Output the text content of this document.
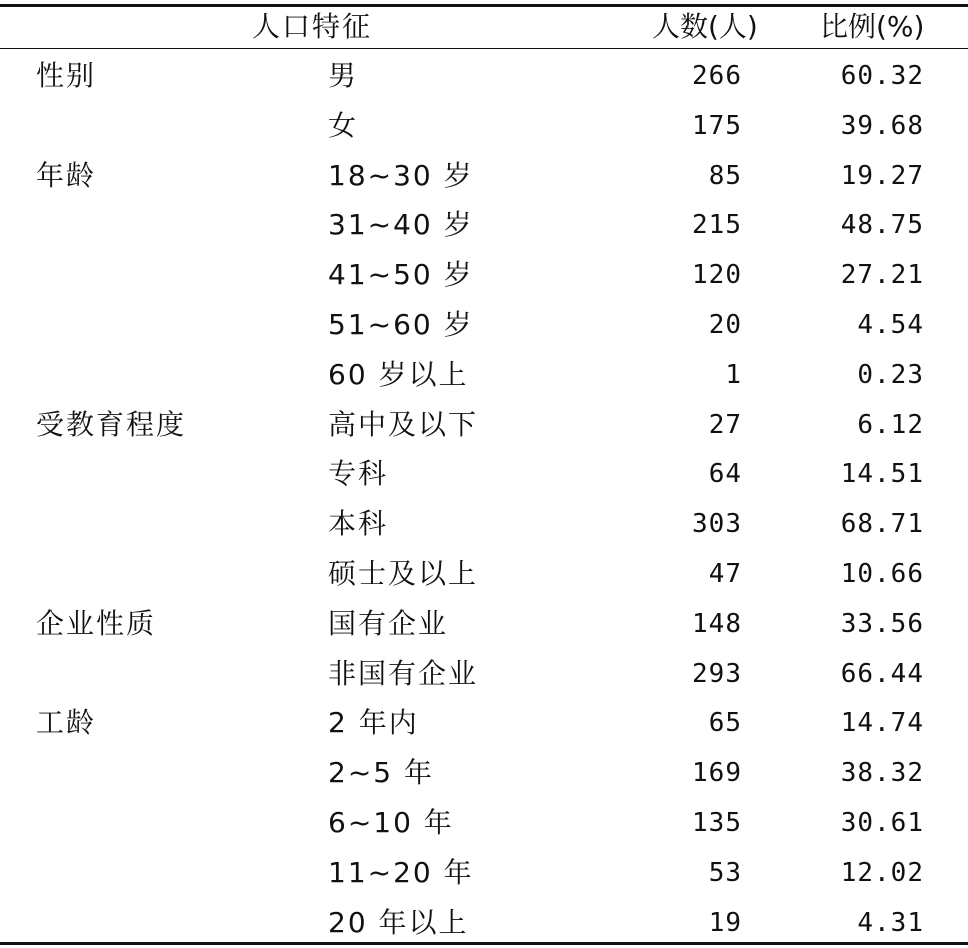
人口特征	人数(人) 比例(%)
性别	男	266	60.32
女	175	39.68
年龄	18~30 岁	85	19.27
31~40 岁	215	48.75
41~50 岁	120	27.21
51~60 岁	20	4.54
60 岁以上	1	0.23
受教育程度	高中及以下	27	6.12
专科	64	14.51
本科	303	68.71
硕士及以上	47	10.66
企业性质	国有企业	148	33.56
非国有企业	293	66.44
工龄	2 年内	65	14.74
2~5 年	169	38.32
6~10 年	135	30.61
11~20 年	53	12.02
20 年以上	19	4.31
